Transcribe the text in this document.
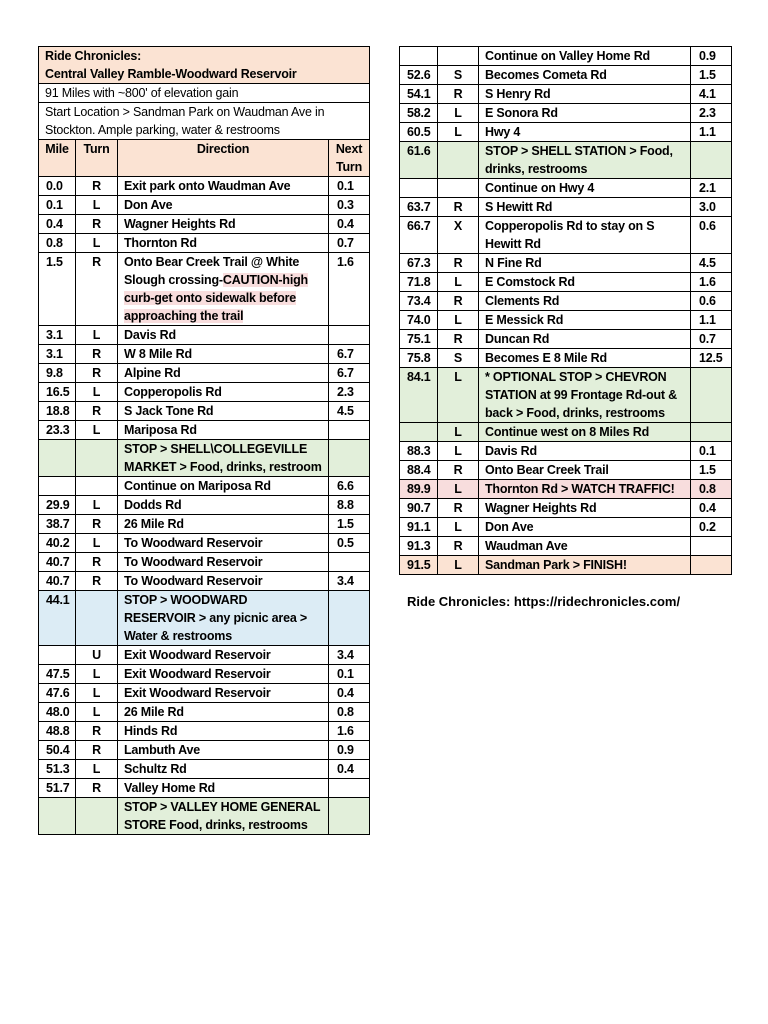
Ride Chronicles:
Central Valley Ramble-Woodward Reservoir			
91 Miles with ~800' of elevation gain			
Start Location > Sandman Park on Waudman Ave in Stockton. Ample parking, water & restrooms			
Mile	Turn	Direction	Next Turn
0.0	R	Exit park onto Waudman Ave	0.1
0.1	L	Don Ave	0.3
0.4	R	Wagner Heights Rd	0.4
0.8	L	Thornton Rd	0.7
1.5	R	Onto Bear Creek Trail @ White Slough crossing-CAUTION-high curb-get onto sidewalk before approaching the trail	1.6
3.1	L	Davis Rd	
3.1	R	W 8 Mile Rd	6.7
9.8	R	Alpine Rd	6.7
16.5	L	Copperopolis Rd	2.3
18.8	R	S Jack Tone Rd	4.5
23.3	L	Mariposa Rd	
		STOP > SHELL\COLLEGEVILLE MARKET > Food, drinks, restroom	
		Continue on Mariposa Rd	6.6
29.9	L	Dodds Rd	8.8
38.7	R	26 Mile Rd	1.5
40.2	L	To Woodward Reservoir	0.5
40.7	R	To Woodward Reservoir	
40.7	R	To Woodward Reservoir	3.4
44.1		STOP > WOODWARD RESERVOIR > any picnic area > Water & restrooms	
	U	Exit Woodward Reservoir	3.4
47.5	L	Exit Woodward Reservoir	0.1
47.6	L	Exit Woodward Reservoir	0.4
48.0	L	26 Mile Rd	0.8
48.8	R	Hinds Rd	1.6
50.4	R	Lambuth Ave	0.9
51.3	L	Schultz Rd	0.4
51.7	R	Valley Home Rd	
		STOP > VALLEY HOME GENERAL STORE Food, drinks, restrooms	
		Continue on Valley Home Rd	0.9
52.6	S	Becomes Cometa Rd	1.5
54.1	R	S Henry Rd	4.1
58.2	L	E Sonora Rd	2.3
60.5	L	Hwy 4	1.1
61.6		STOP > SHELL STATION > Food, drinks, restrooms	
		Continue on Hwy 4	2.1
63.7	R	S Hewitt Rd	3.0
66.7	X	Copperopolis Rd to stay on S Hewitt Rd	0.6
67.3	R	N Fine Rd	4.5
71.8	L	E Comstock Rd	1.6
73.4	R	Clements Rd	0.6
74.0	L	E Messick Rd	1.1
75.1	R	Duncan Rd	0.7
75.8	S	Becomes E 8 Mile Rd	12.5
84.1	L	* OPTIONAL STOP > CHEVRON STATION at 99 Frontage Rd-out & back > Food, drinks, restrooms	
	L	Continue west on 8 Miles Rd	
88.3	L	Davis Rd	0.1
88.4	R	Onto Bear Creek Trail	1.5
89.9	L	Thornton Rd > WATCH TRAFFIC!	0.8
90.7	R	Wagner Heights Rd	0.4
91.1	L	Don Ave	0.2
91.3	R	Waudman Ave	
91.5	L	Sandman Park > FINISH!	
Ride Chronicles: https://ridechronicles.com/
